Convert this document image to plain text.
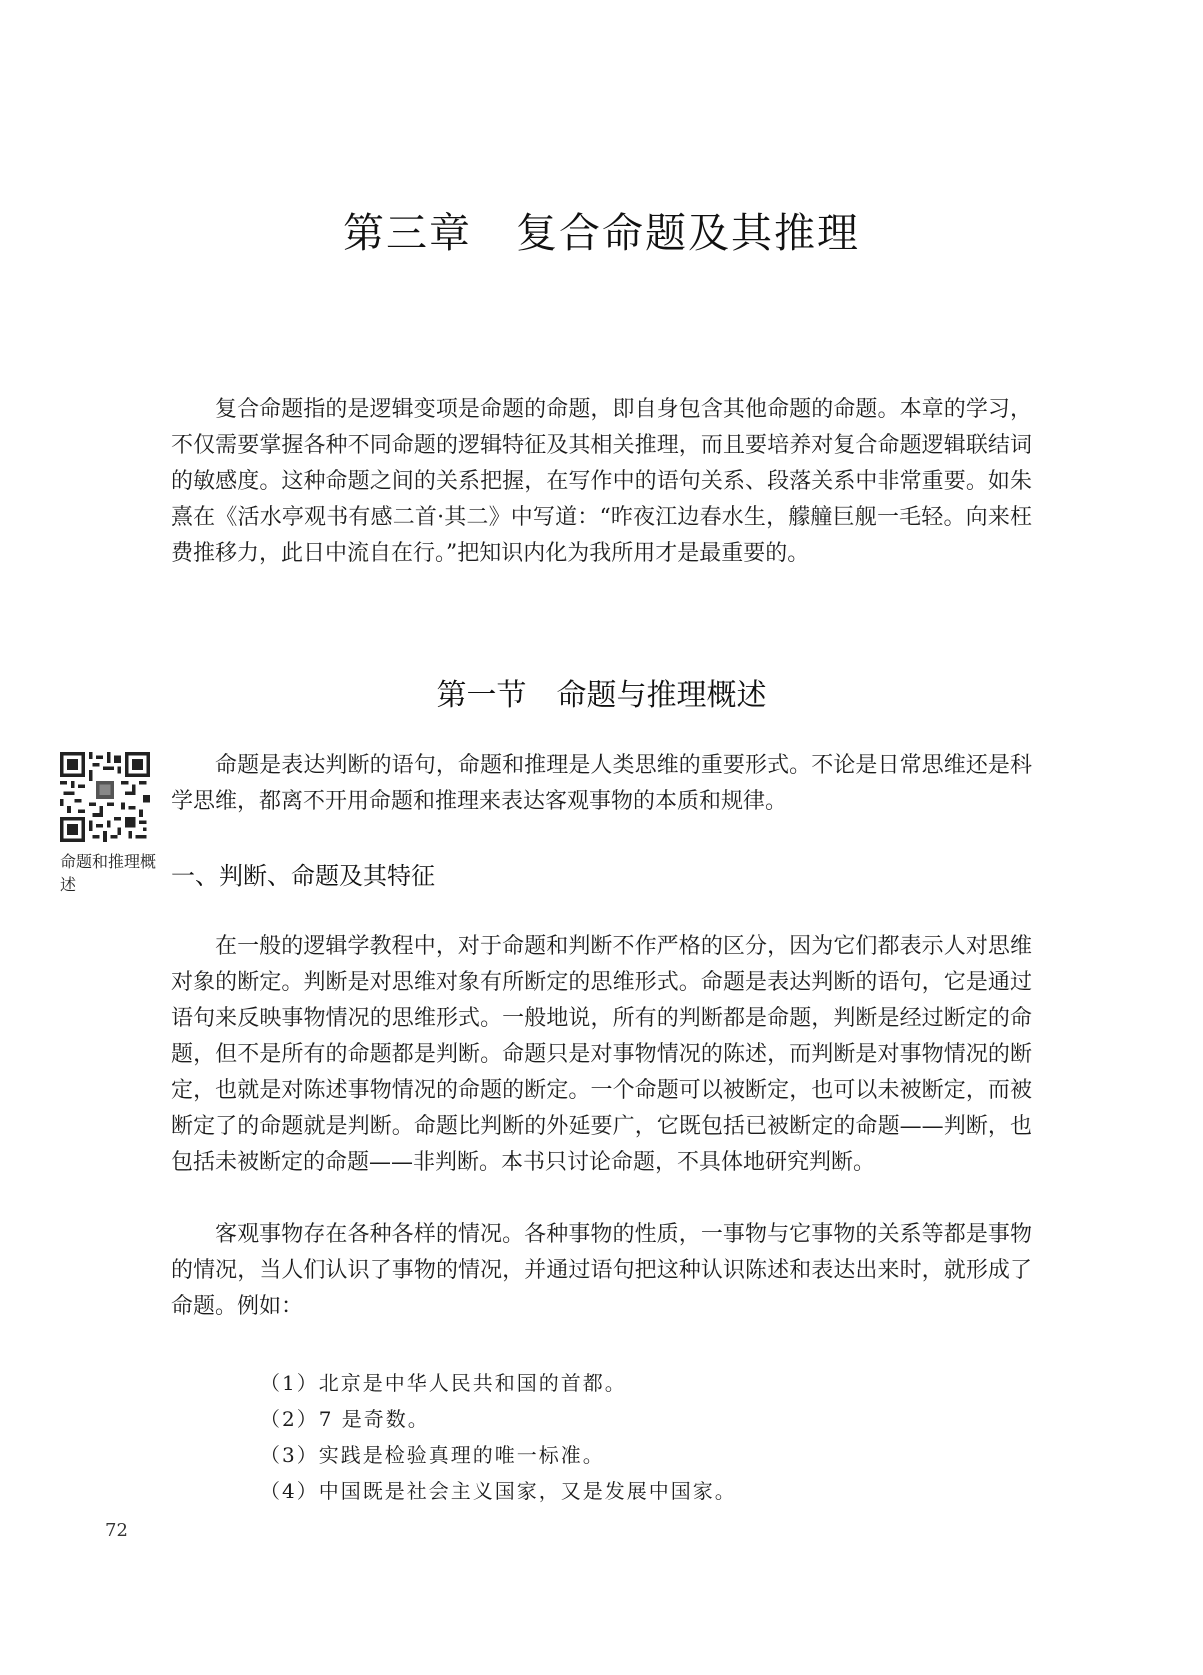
第三章 复合命题及其推理

复合命题指的是逻辑变项是命题的命题，即自身包含其他命题的命题。本章的学习，不仅需要掌握各种不同命题的逻辑特征及其相关推理，而且要培养对复合命题逻辑联结词的敏感度。这种命题之间的关系把握，在写作中的语句关系、段落关系中非常重要。如朱熹在《活水亭观书有感二首·其二》中写道：“昨夜江边春水生，艨艟巨舰一毛轻。向来枉费推移力，此日中流自在行。”把知识内化为我所用才是最重要的。

第一节 命题与推理概述
命题和推理概述

命题是表达判断的语句，命题和推理是人类思维的重要形式。不论是日常思维还是科学思维，都离不开用命题和推理来表达客观事物的本质和规律。

一、判断、命题及其特征

在一般的逻辑学教程中，对于命题和判断不作严格的区分，因为它们都表示人对思维对象的断定。判断是对思维对象有所断定的思维形式。命题是表达判断的语句，它是通过语句来反映事物情况的思维形式。一般地说，所有的判断都是命题，判断是经过断定的命题，但不是所有的命题都是判断。命题只是对事物情况的陈述，而判断是对事物情况的断定，也就是对陈述事物情况的命题的断定。一个命题可以被断定，也可以未被断定，而被断定了的命题就是判断。命题比判断的外延要广，它既包括已被断定的命题——判断，也包括未被断定的命题——非判断。本书只讨论命题，不具体地研究判断。

客观事物存在各种各样的情况。各种事物的性质，一事物与它事物的关系等都是事物的情况，当人们认识了事物的情况，并通过语句把这种认识陈述和表达出来时，就形成了命题。例如：

（1）北京是中华人民共和国的首都。
（2）7 是奇数。
（3）实践是检验真理的唯一标准。
（4）中国既是社会主义国家，又是发展中国家。
72
